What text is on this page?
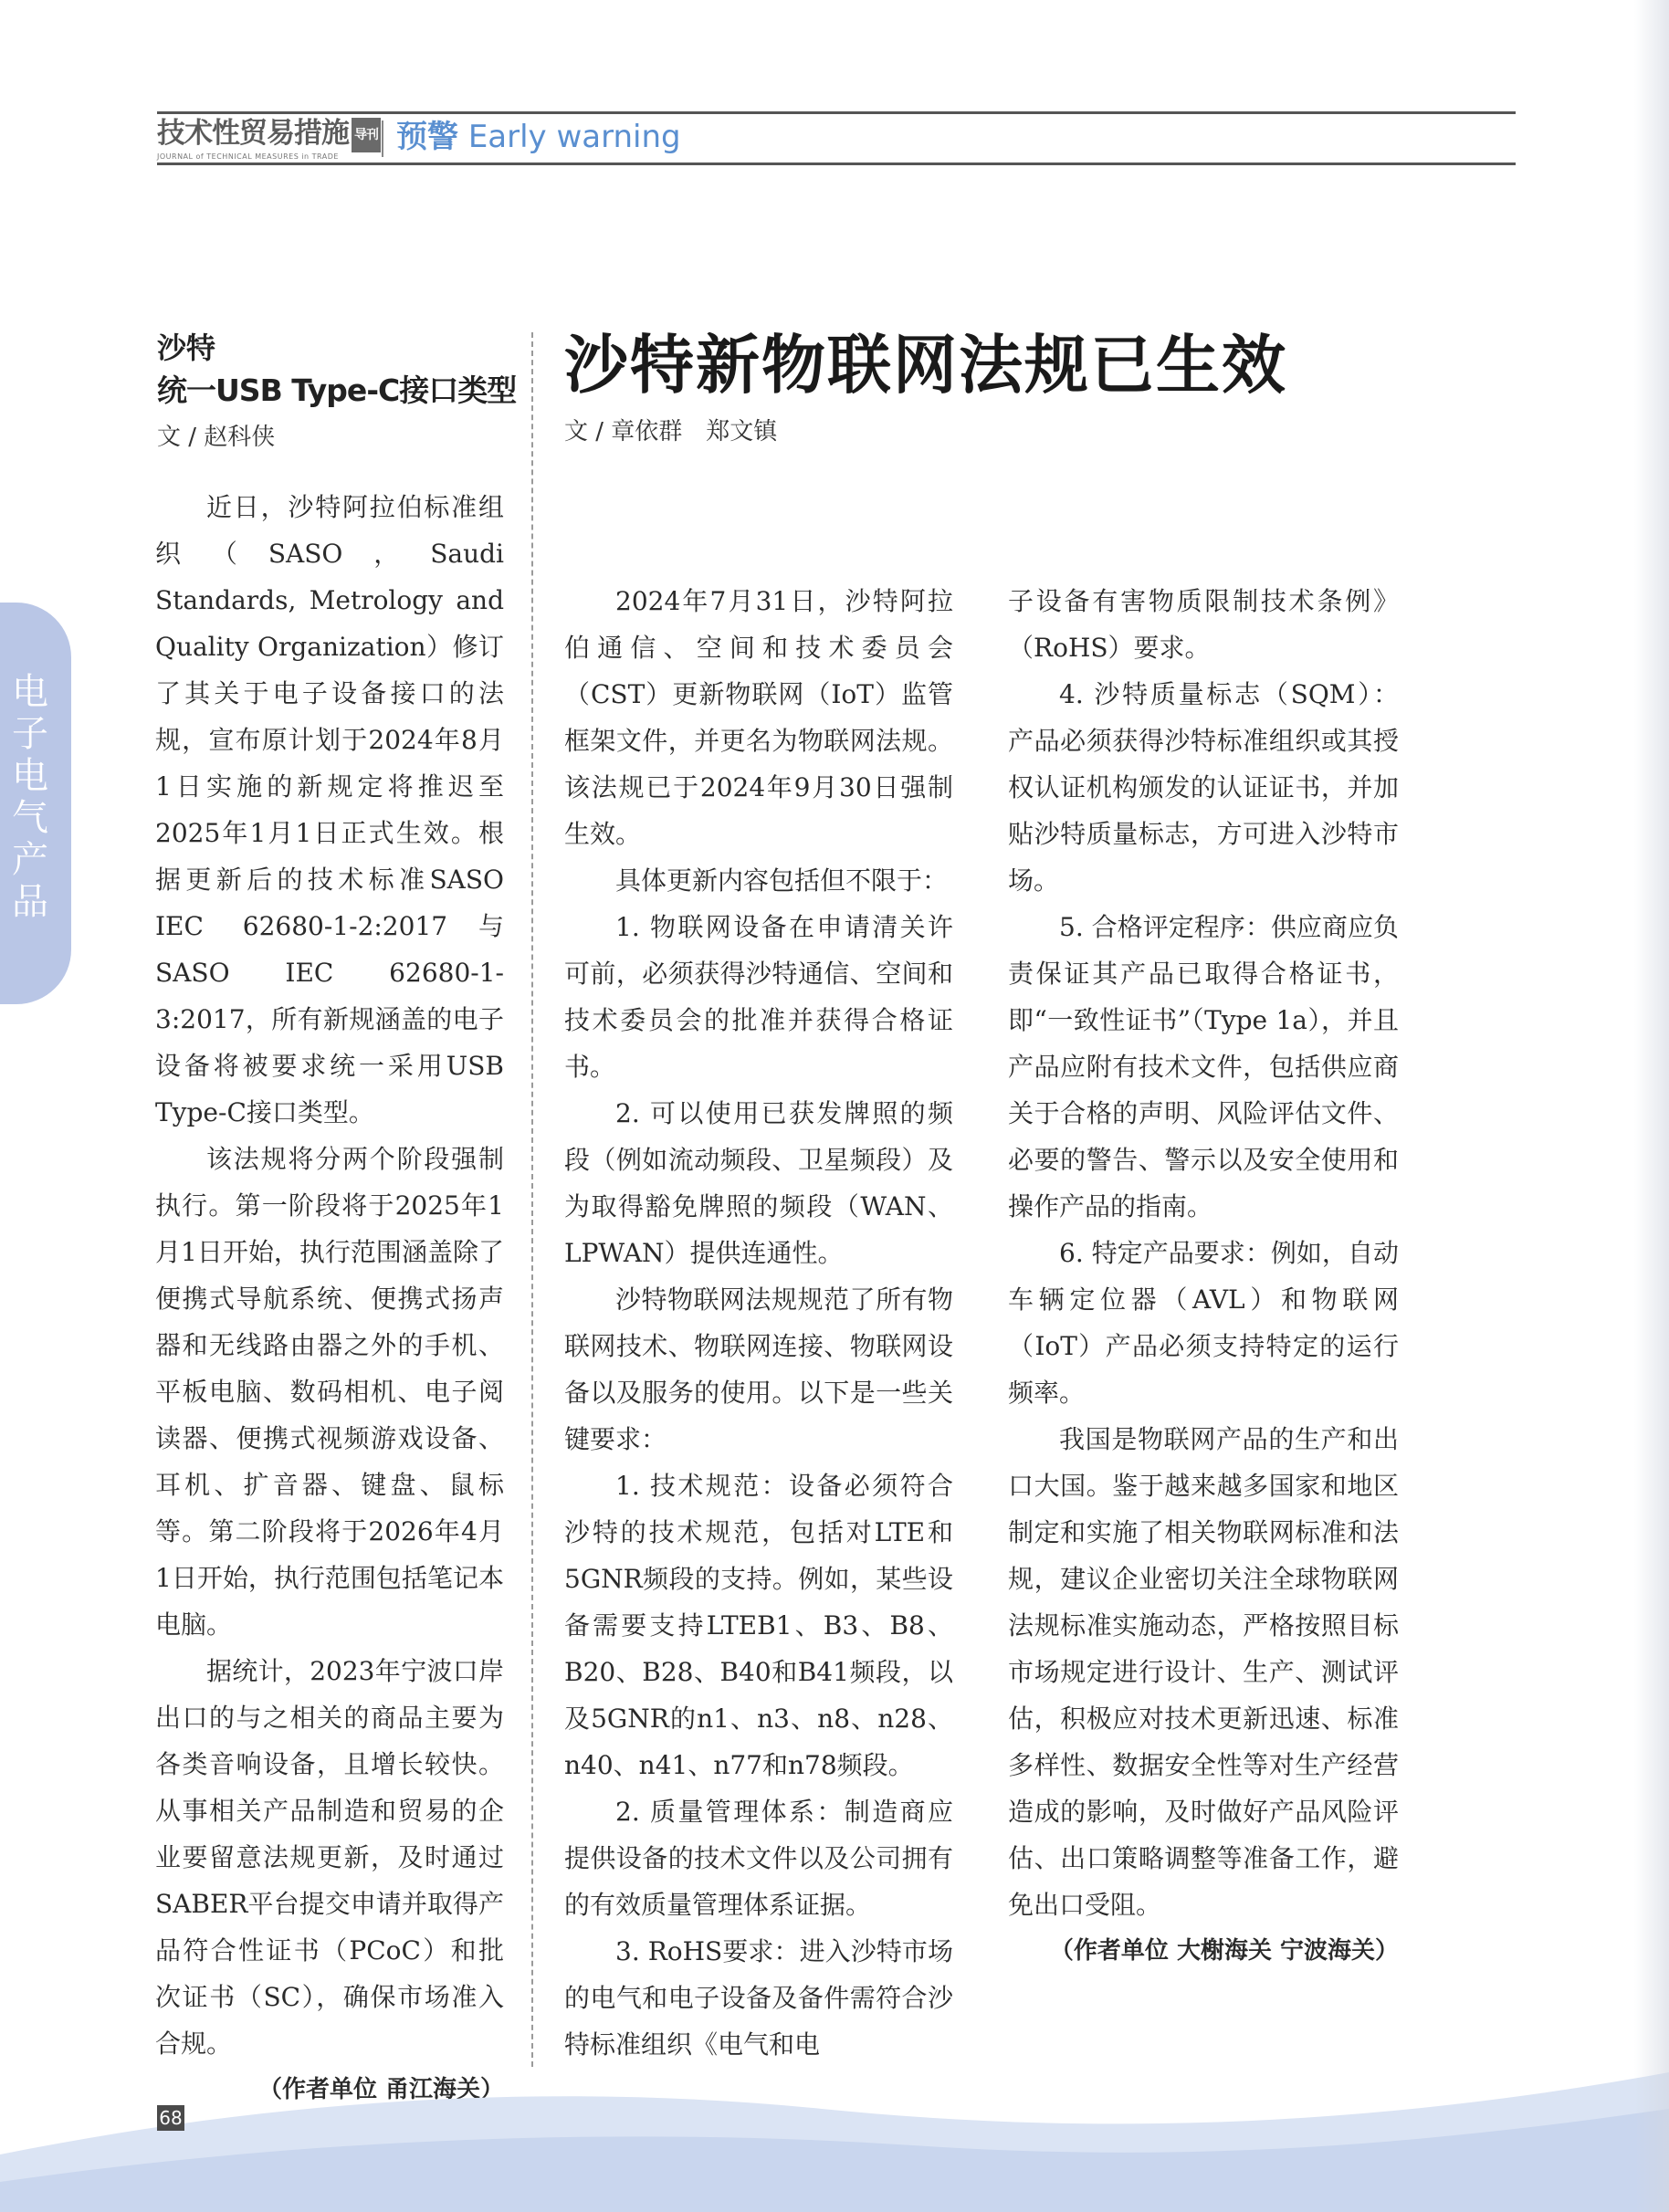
技术性贸易措施 导刊
JOURNAL of TECHNICAL MEASURES in TRADE
预警 Early warning
电子电气产品
沙特
统一USB Type-C接口类型
文 / 赵科侠

近日，沙特阿拉伯标准组织（SASO，Saudi Standards, Metrology and Quality Organization）修订了其关于电子设备接口的法规，宣布原计划于2024年8月1日实施的新规定将推迟至2025年1月1日正式生效。根据更新后的技术标准SASO IEC 62680-1-2:2017与SASO IEC 62680-1-3:2017，所有新规涵盖的电子设备将被要求统一采用USB Type-C接口类型。

该法规将分两个阶段强制执行。第一阶段将于2025年1月1日开始，执行范围涵盖除了便携式导航系统、便携式扬声器和无线路由器之外的手机、平板电脑、数码相机、电子阅读器、便携式视频游戏设备、耳机、扩音器、键盘、鼠标等。第二阶段将于2026年4月1日开始，执行范围包括笔记本电脑。

据统计，2023年宁波口岸出口的与之相关的商品主要为各类音响设备，且增长较快。从事相关产品制造和贸易的企业要留意法规更新，及时通过SABER平台提交申请并取得产品符合性证书（PCoC）和批次证书（SC），确保市场准入合规。

（作者单位 甬江海关）

沙特新物联网法规已生效
文 / 章依群　郑文镇

2024年7月31日，沙特阿拉伯通信、空间和技术委员会（CST）更新物联网（IoT）监管框架文件，并更名为物联网法规。该法规已于2024年9月30日强制生效。

具体更新内容包括但不限于：

1. 物联网设备在申请清关许可前，必须获得沙特通信、空间和技术委员会的批准并获得合格证书。

2. 可以使用已获发牌照的频段（例如流动频段、卫星频段）及为取得豁免牌照的频段（WAN、LPWAN）提供连通性。

沙特物联网法规规范了所有物联网技术、物联网连接、物联网设备以及服务的使用。以下是一些关键要求：

1. 技术规范：设备必须符合沙特的技术规范，包括对LTE和5GNR频段的支持。例如，某些设备需要支持LTEB1、B3、B8、B20、B28、B40和B41频段，以及5GNR的n1、n3、n8、n28、n40、n41、n77和n78频段。

2. 质量管理体系：制造商应提供设备的技术文件以及公司拥有的有效质量管理体系证据。

3. RoHS要求：进入沙特市场的电气和电子设备及备件需符合沙特标准组织《电气和电

子设备有害物质限制技术条例》（RoHS）要求。

4. 沙特质量标志（SQM）：产品必须获得沙特标准组织或其授权认证机构颁发的认证证书，并加贴沙特质量标志，方可进入沙特市场。

5. 合格评定程序：供应商应负责保证其产品已取得合格证书，即“一致性证书”（Type 1a），并且产品应附有技术文件，包括供应商关于合格的声明、风险评估文件、必要的警告、警示以及安全使用和操作产品的指南。

6. 特定产品要求：例如，自动车辆定位器（AVL）和物联网（IoT）产品必须支持特定的运行频率。

我国是物联网产品的生产和出口大国。鉴于越来越多国家和地区制定和实施了相关物联网标准和法规，建议企业密切关注全球物联网法规标准实施动态，严格按照目标市场规定进行设计、生产、测试评估，积极应对技术更新迅速、标准多样性、数据安全性等对生产经营造成的影响，及时做好产品风险评估、出口策略调整等准备工作，避免出口受阻。

（作者单位 大榭海关 宁波海关）

68
